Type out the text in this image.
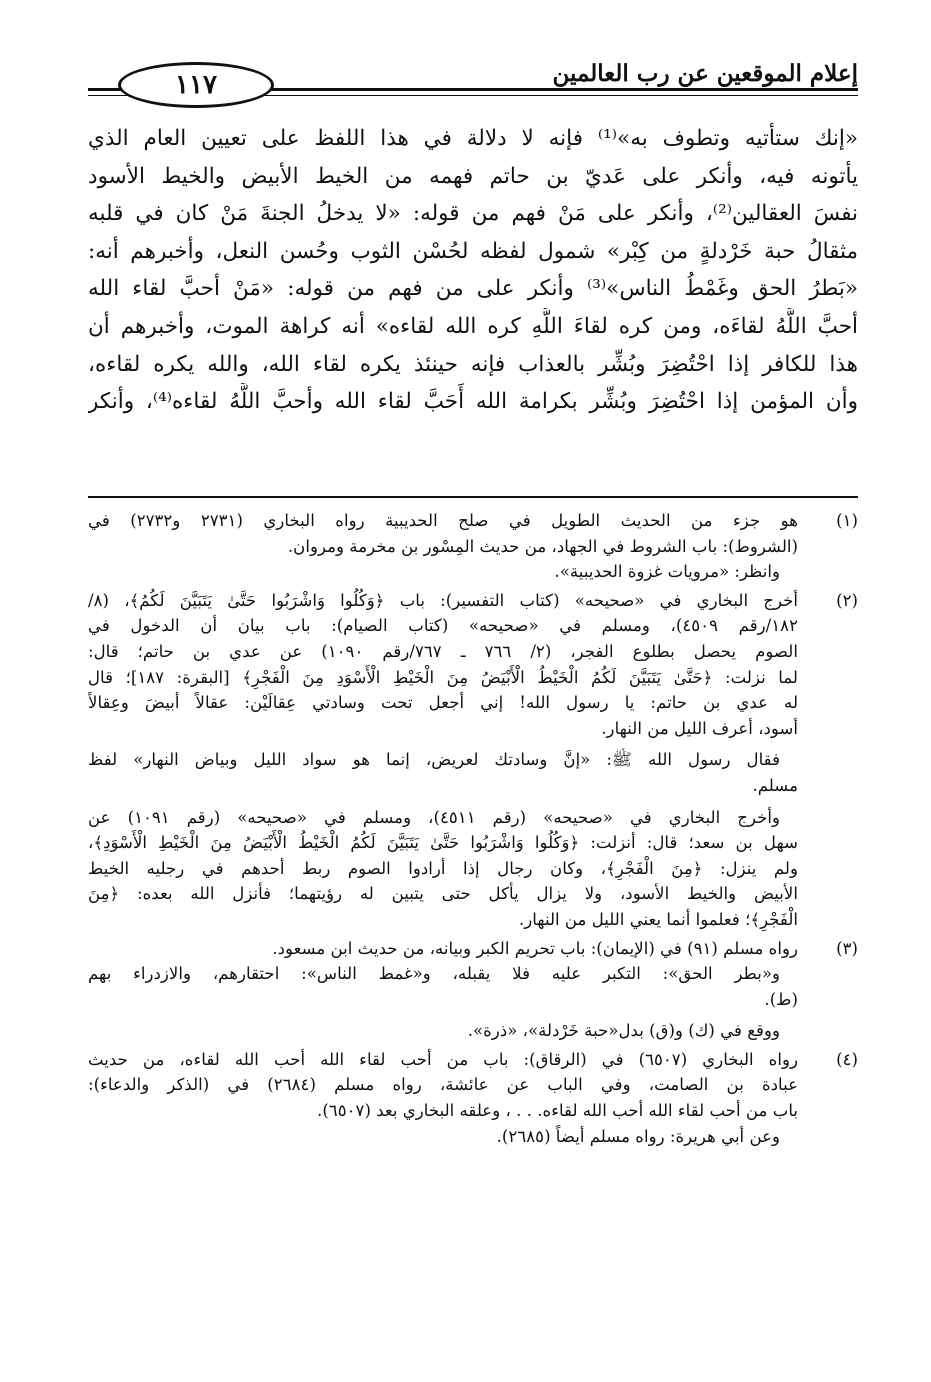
إعلام الموقعين عن رب العالمين
١١٧
«إنك ستأتيه وتطوف به»⁽¹⁾ فإنه لا دلالة في هذا اللفظ على تعيين العام الذي
يأتونه فيه، وأنكر على عَديّ بن حاتم فهمه من الخيط الأبيض والخيط الأسود
نفسَ العقالين⁽²⁾، وأنكر على مَنْ فهم من قوله: «لا يدخلُ الجنةَ مَنْ كان في قلبه
مثقالُ حبة خَرْدلةٍ من كِبْر» شمول لفظه لحُسْن الثوب وحُسن النعل، وأخبرهم أنه:
«بَطرُ الحق وغَمْطُ الناس»⁽³⁾ وأنكر على من فهم من قوله: «مَنْ أحبَّ لقاء الله
أحبَّ اللَّهُ لقاءَه، ومن كره لقاءَ اللَّهِ كره الله لقاءه» أنه كراهة الموت، وأخبرهم أن
هذا للكافر إذا احْتُضِرَ وبُشِّر بالعذاب فإنه حينئذ يكره لقاء الله، والله يكره لقاءه،
وأن المؤمن إذا احْتُضِرَ وبُشِّر بكرامة الله أَحَبَّ لقاء الله وأحبَّ اللَّهُ لقاءه⁽⁴⁾، وأنكر
(١)
هو جزء من الحديث الطويل في صلح الحديبية رواه البخاري (٢٧٣١ و٢٧٣٢) في
(الشروط): باب الشروط في الجهاد، من حديث المِسْور بن مخرمة ومروان.
وانظر: «مرويات غزوة الحديبية».
(٢)
أخرج البخاري في «صحيحه» (كتاب التفسير): باب ﴿وَكُلُوا وَاشْرَبُوا حَتَّىٰ يَتَبَيَّنَ لَكُمُ﴾، (٨/
١٨٢/رقم ٤٥٠٩)، ومسلم في «صحيحه» (كتاب الصيام): باب بيان أن الدخول في
الصوم يحصل بطلوع الفجر، (٢/ ٧٦٦ ـ ٧٦٧/رقم ١٠٩٠) عن عدي بن حاتم؛ قال:
لما نزلت: ﴿حَتَّىٰ يَتَبَيَّنَ لَكُمُ الْخَيْطُ الْأَبْيَضُ مِنَ الْخَيْطِ الْأَسْوَدِ مِنَ الْفَجْرِ﴾ [البقرة: ١٨٧]؛ قال
له عدي بن حاتم: يا رسول الله! إني أجعل تحت وسادتي عِقالَيْن: عقالاً أبيضَ وعِقالاً
أسود، أعرف الليل من النهار.
فقال رسول الله ﷺ: «إنَّ وسادتك لعريض، إنما هو سواد الليل وبياض النهار» لفظ
مسلم.
وأخرج البخاري في «صحيحه» (رقم ٤٥١١)، ومسلم في «صحيحه» (رقم ١٠٩١) عن
سهل بن سعد؛ قال: أنزلت: ﴿وَكُلُوا وَاشْرَبُوا حَتَّىٰ يَتَبَيَّنَ لَكُمُ الْخَيْطُ الْأَبْيَضُ مِنَ الْخَيْطِ الْأَسْوَدِ﴾،
ولم ينزل: ﴿مِنَ الْفَجْرِ﴾، وكان رجال إذا أرادوا الصوم ربط أحدهم في رجليه الخيط
الأبيض والخيط الأسود، ولا يزال يأكل حتى يتبين له رؤيتهما؛ فأنزل الله بعده: ﴿مِنَ
الْفَجْرِ﴾؛ فعلموا أنما يعني الليل من النهار.
(٣)
رواه مسلم (٩١) في (الإيمان): باب تحريم الكبر وبيانه، من حديث ابن مسعود.
و«بطر الحق»: التكبر عليه فلا يقبله، و«غمط الناس»: احتقارهم، والازدراء بهم
(ط).
ووقع في (ك) و(ق) بدل«حبة خَرْدلة»، «ذرة».
(٤)
رواه البخاري (٦٥٠٧) في (الرقاق): باب من أحب لقاء الله أحب الله لقاءه، من حديث
عبادة بن الصامت، وفي الباب عن عائشة، رواه مسلم (٢٦٨٤) في (الذكر والدعاء):
باب من أحب لقاء الله أحب الله لقاءه. . . ، وعلقه البخاري بعد (٦٥٠٧).
وعن أبي هريرة: رواه مسلم أيضاً (٢٦٨٥).
